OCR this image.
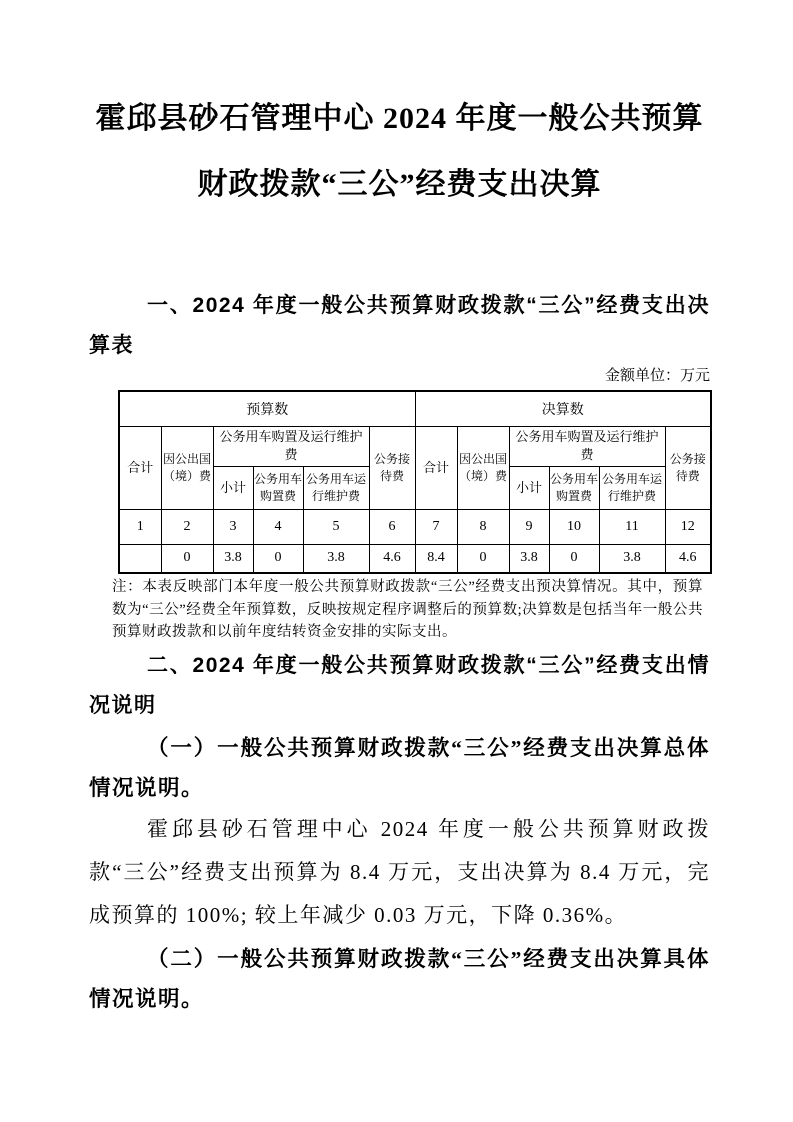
霍邱县砂石管理中心 2024 年度一般公共预算财政拨款“三公”经费支出决算
一、2024 年度一般公共预算财政拨款“三公”经费支出决算表
金额单位：万元
预算数						决算数					
合计	因公出国（境）费	公务用车购置及运行维护费			公务接待费	合计	因公出国（境）费	公务用车购置及运行维护费			公务接待费
		小计	公务用车购置费	公务用车运行维护费				小计	公务用车购置费	公务用车运行维护费	
1	2	3	4	5	6	7	8	9	10	11	12
	0	3.8	0	3.8	4.6	8.4	0	3.8	0	3.8	4.6
注：本表反映部门本年度一般公共预算财政拨款“三公”经费支出预决算情况。其中，预算数为“三公”经费全年预算数，反映按规定程序调整后的预算数;决算数是包括当年一般公共预算财政拨款和以前年度结转资金安排的实际支出。
二、2024 年度一般公共预算财政拨款“三公”经费支出情况说明
（一）一般公共预算财政拨款“三公”经费支出决算总体情况说明。
霍邱县砂石管理中心 2024 年度一般公共预算财政拨款“三公”经费支出预算为 8.4 万元，支出决算为 8.4 万元，完成预算的 100%; 较上年减少 0.03 万元，下降 0.36%。
（二）一般公共预算财政拨款“三公”经费支出决算具体情况说明。
